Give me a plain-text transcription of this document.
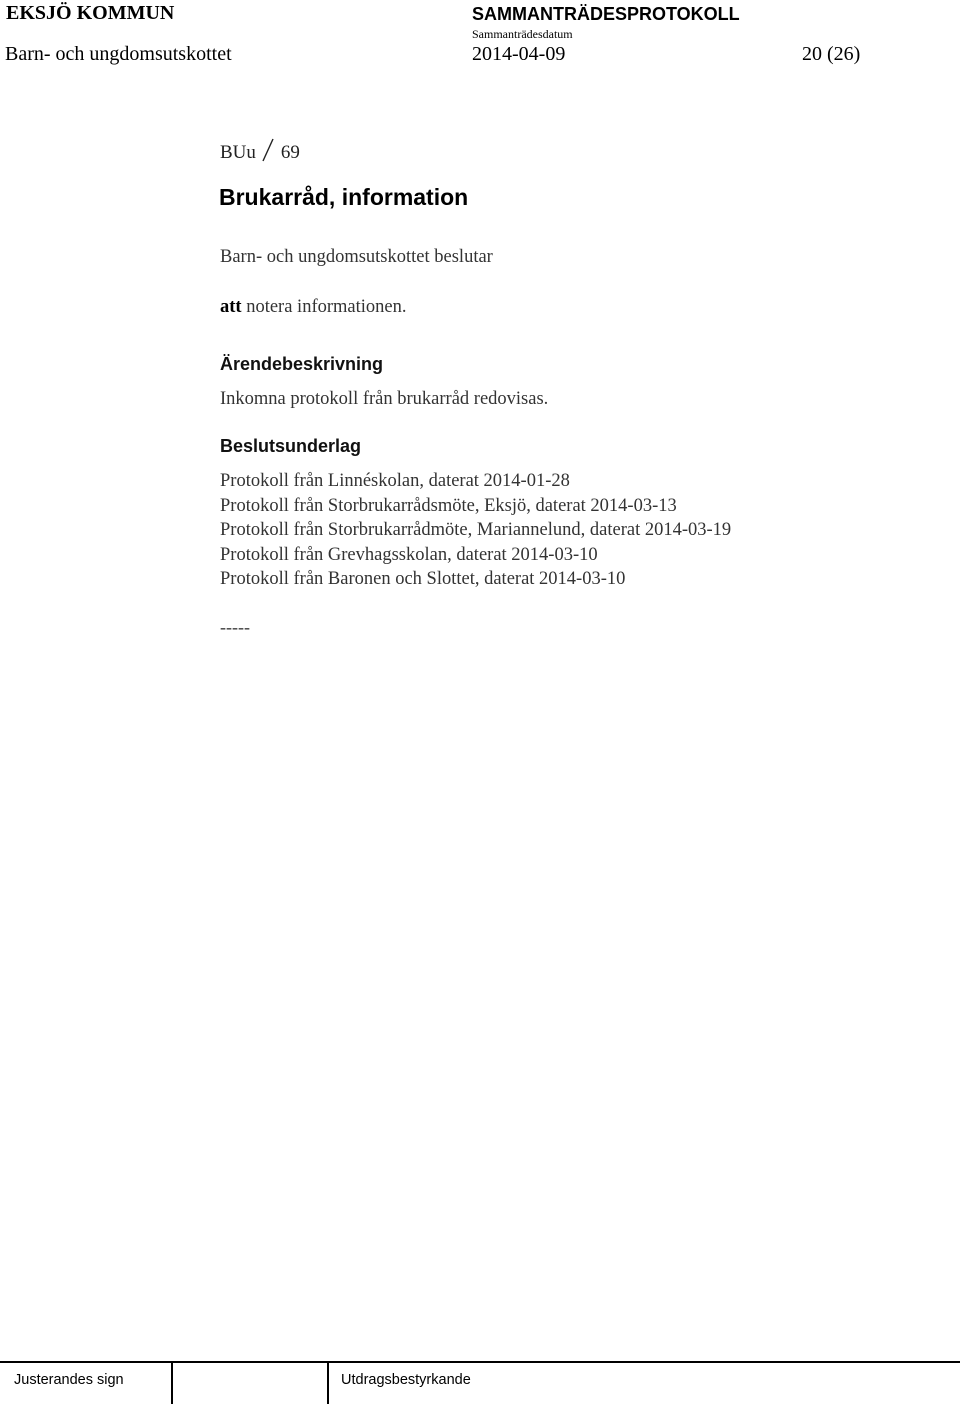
EKSJÖ KOMMUN	SAMMANTRÄDESPROTOKOLL
Sammanträdesdatum
Barn- och ungdomsutskottet	2014-04-09	20 (26)
BUu 69
Brukarråd, information
Barn- och ungdomsutskottet beslutar
att notera informationen.
Ärendebeskrivning
Inkomna protokoll från brukarråd redovisas.
Beslutsunderlag
Protokoll från Linnéskolan, daterat 2014-01-28
Protokoll från Storbrukarrådsmöte, Eksjö, daterat 2014-03-13
Protokoll från Storbrukarrådmöte, Mariannelund, daterat 2014-03-19
Protokoll från Grevhagsskolan, daterat 2014-03-10
Protokoll från Baronen och Slottet, daterat 2014-03-10
-----
Justerandes sign	Utdragsbestyrkande
